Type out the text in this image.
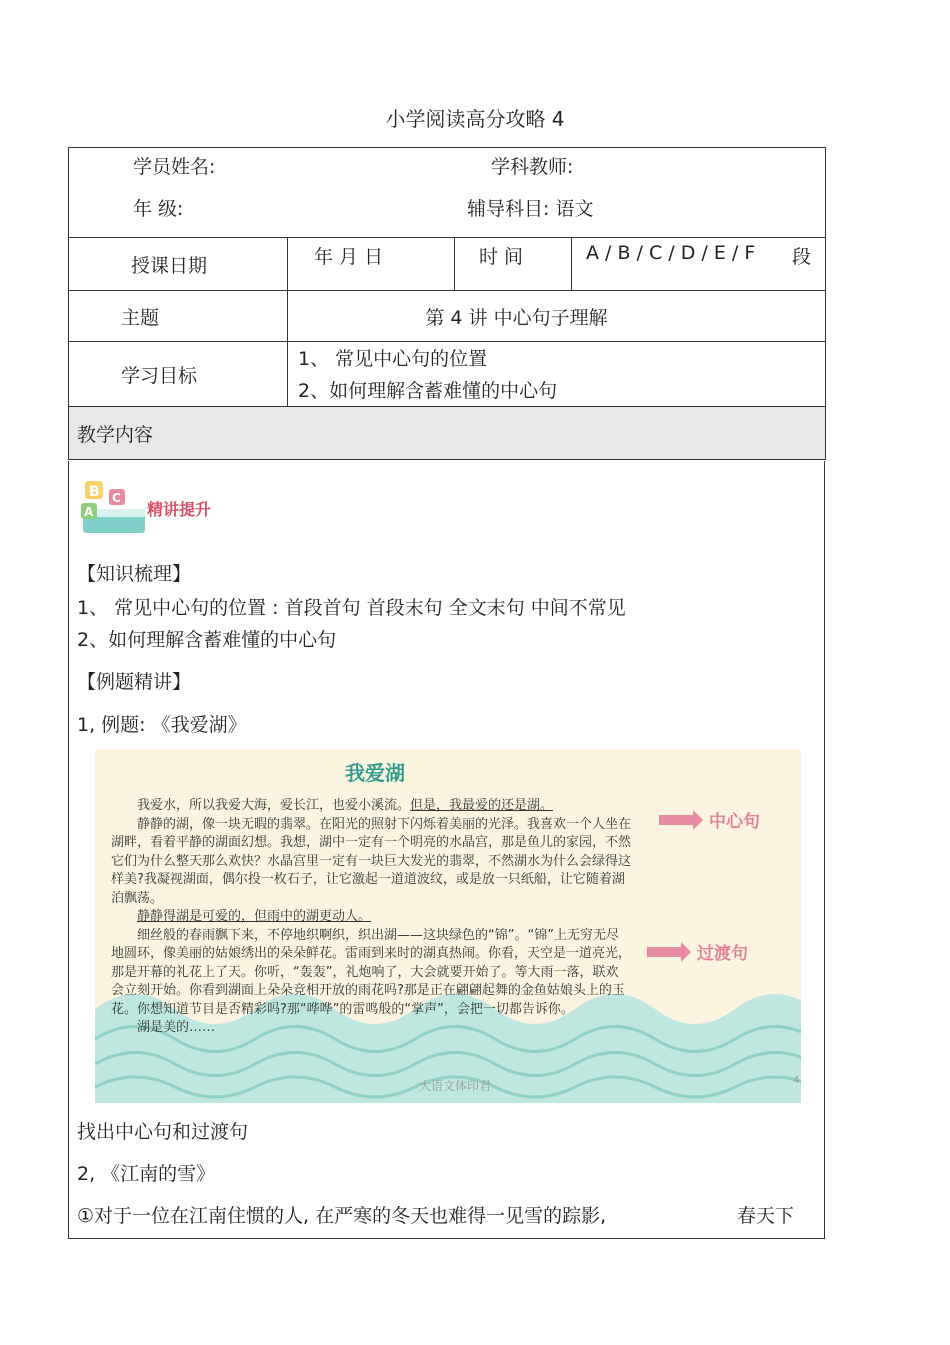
小学阅读高分攻略 4
学员姓名: 学科教师:
年 级: 辅导科目: 语文			

授课日期	年 月 日	时 间	A / B / C / D / E / F 段

主题	第 4 讲 中心句子理解		
学习目标	1、 常见中心句的位置
2、如何理解含蓄难懂的中心句		

教学内容			
B C
A	精讲提升
【知识梳理】
1、 常见中心句的位置 : 首段首句 首段末句 全文末句 中间不常见
2、如何理解含蓄难懂的中心句
【例题精讲】
1, 例题: 《我爱湖》
我爱湖

我爱水，所以我爱大海，爱长江，也爱小溪流。但是，我最爱的还是湖。

静静的湖，像一块无暇的翡翠。在阳光的照射下闪烁着美丽的光泽。我喜欢一个人坐在湖畔，看着平静的湖面幻想。我想，湖中一定有一个明亮的水晶宫，那是鱼儿的家园，不然它们为什么整天那么欢快？水晶宫里一定有一块巨大发光的翡翠，不然湖水为什么会绿得这样美?我凝视湖面，偶尔投一枚石子，让它激起一道道波纹，或是放一只纸船，让它随着湖泊飘荡。

静静得湖是可爱的，但雨中的湖更动人。

细丝般的春雨飘下来，不停地织啊织，织出湖——这块绿色的“锦”。“锦”上无穷无尽地圆环，像美丽的姑娘绣出的朵朵鲜花。雷雨到来时的湖真热闹。你看，天空是一道亮光，那是开幕的礼花上了天。你听，“轰轰”，礼炮响了，大会就要开始了。等大雨一落，联欢会立刻开始。你看到湖面上朵朵竞相开放的雨花吗?那是正在翩翩起舞的金鱼姑娘头上的玉花。你想知道节目是否精彩吗?那“哗哗”的雷鸣般的“掌声”，会把一切都告诉你。

湖是美的……

中心句
过渡句
大语文体印君	4
找出中心句和过渡句
2, 《江南的雪》
①对于一位在江南住惯的人, 在严寒的冬天也难得一见雪的踪影,	春天下
